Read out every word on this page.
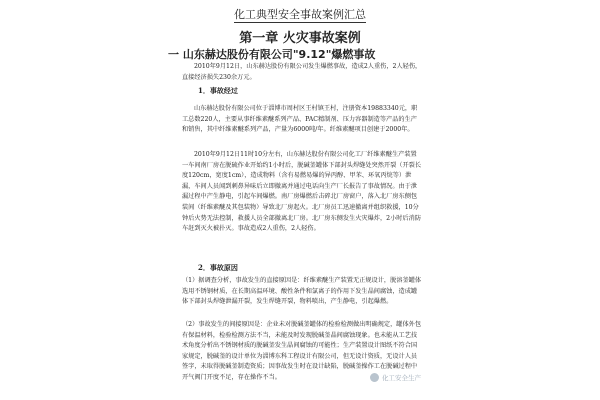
化工典型安全事故案例汇总
第一章 火灾事故案例
一 山东赫达股份有限公司"9.12"爆燃事故
2010年9月12日，山东赫达股份有限公司发生爆燃事故，造成2人重伤，2人轻伤，直接经济损失230余万元。
1．事故经过
山东赫达股份有限公司位于淄博市周村区王村镇王村，注册资本19883340元，职工总数220人，主要从事纤维素醚系列产品、PAC精制剂、压力容器制造等产品的生产和销售，其中纤维素醚系列产品，产量为6000吨/年。纤维素醚项目创建于2000年。
2010年9月12日11时10分左右，山东赫达股份有限公司化工厂纤维素醚生产装置一车间南厂房在脱硫作业开始约1小时后，脱碱釜罐体下部封头焊缝处突然开裂（开裂长度120cm，宽度1cm），造成物料（含有易燃易爆的异丙醇、甲苯、环氧丙烷等）泄漏，车间人员闻到刺鼻异味后立即撤离并通过电话向生产厂长报告了事故情况。由于泄漏过程中产生静电，引起车间爆燃。南厂房爆燃后击碎北厂房窗户，落入北厂房东侧包装间（纤维素醚及其包装物）导致北厂房起火。北厂房员工迅速撤离并组织救援，10分钟后火势无法控制，救援人员全部撤离北厂房。北厂房东侧发生火灾爆炸，2小时后消防车赶到灭火被扑灭。事故造成2人重伤，2人轻伤。
2．事故原因
（1）据调查分析，事故发生的直接原因是：纤维素醚生产装置无正规设计，脱溶釜罐体选用不锈钢材质，在长期高温环境、酸性条件和氯离子的作用下发生晶间腐蚀，造成罐体下部封头焊缝泄漏开裂，发生焊缝开裂，物料喷出，产生静电，引起爆燃。
（2）事故发生的间接原因是：企业未对脱碱釜罐体的检验检测做出明确规定，罐体外包有保温材料，检验检测方法不当，未能及时发现脱碱釜晶间腐蚀现象。也未能从工艺技术角度分析出不锈钢材质的脱碱釜发生晶间腐蚀的可能性；生产装置设计图纸不符合国家规定，脱碱釜的设计单位为淄博东科工程设计有限公司，但无设计资质，无设计人员签字，未取得脱碱釜制造资质；因事故发生时在设计缺陷，脱碱釜操作工在脱碱过程中开气阀门开度不足，存在操作不当。	化工安全生产
